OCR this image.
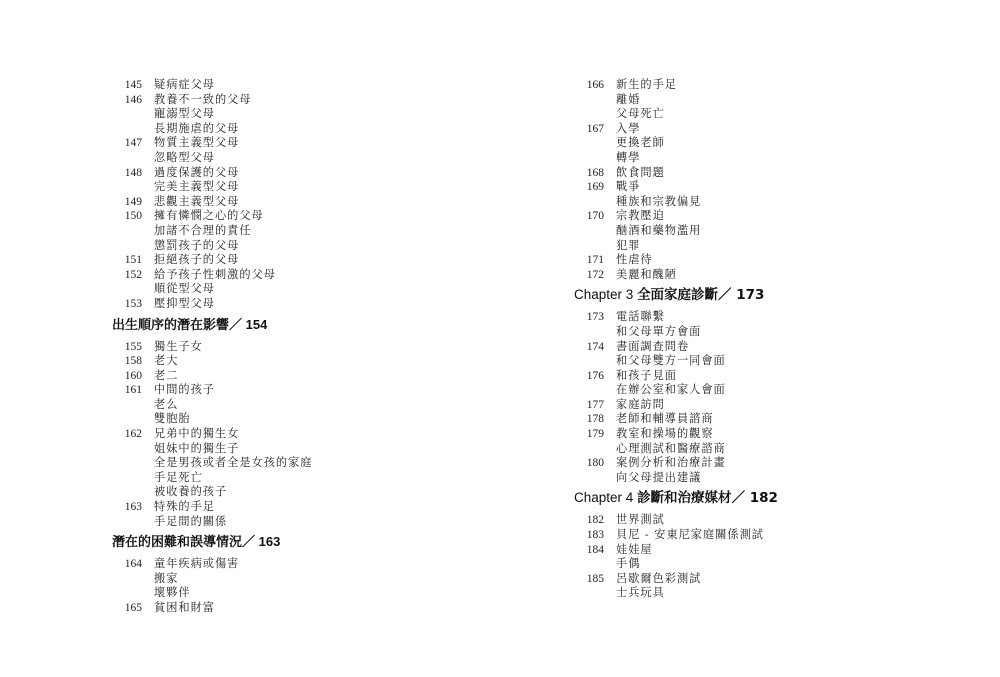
145 疑病症父母
146 教養不一致的父母
寵溺型父母
長期施虐的父母
147 物質主義型父母
忽略型父母
148 過度保護的父母
完美主義型父母
149 悲觀主義型父母
150 擁有憐憫之心的父母
加諸不合理的責任
懲罰孩子的父母
151 拒絕孩子的父母
152 給予孩子性刺激的父母
順從型父母
153 壓抑型父母
出生順序的潛在影響／ 154
155 獨生子女
158 老大
160 老二
161 中間的孩子
老么
雙胞胎
162 兄弟中的獨生女
姐妹中的獨生子
全是男孩或者全是女孩的家庭
手足死亡
被收養的孩子
163 特殊的手足
手足間的關係
潛在的困難和誤導情況／ 163
164 童年疾病或傷害
搬家
壞夥伴
165 貧困和財富
166 新生的手足
離婚
父母死亡
167 入學
更換老師
轉學
168 飲食問題
169 戰爭
種族和宗教偏見
170 宗教壓迫
酗酒和藥物濫用
犯罪
171 性虐待
172 美麗和醜陋
Chapter 3 全面家庭診斷／ 173
173 電話聯繫
和父母單方會面
174 書面調查問卷
和父母雙方一同會面
176 和孩子見面
在辦公室和家人會面
177 家庭訪問
178 老師和輔導員諮商
179 教室和操場的觀察
心理測試和醫療諮商
180 案例分析和治療計畫
向父母提出建議
Chapter 4 診斷和治療媒材／ 182
182 世界測試
183 貝尼 - 安東尼家庭關係測試
184 娃娃屋
手偶
185 呂歇爾色彩測試
士兵玩具
